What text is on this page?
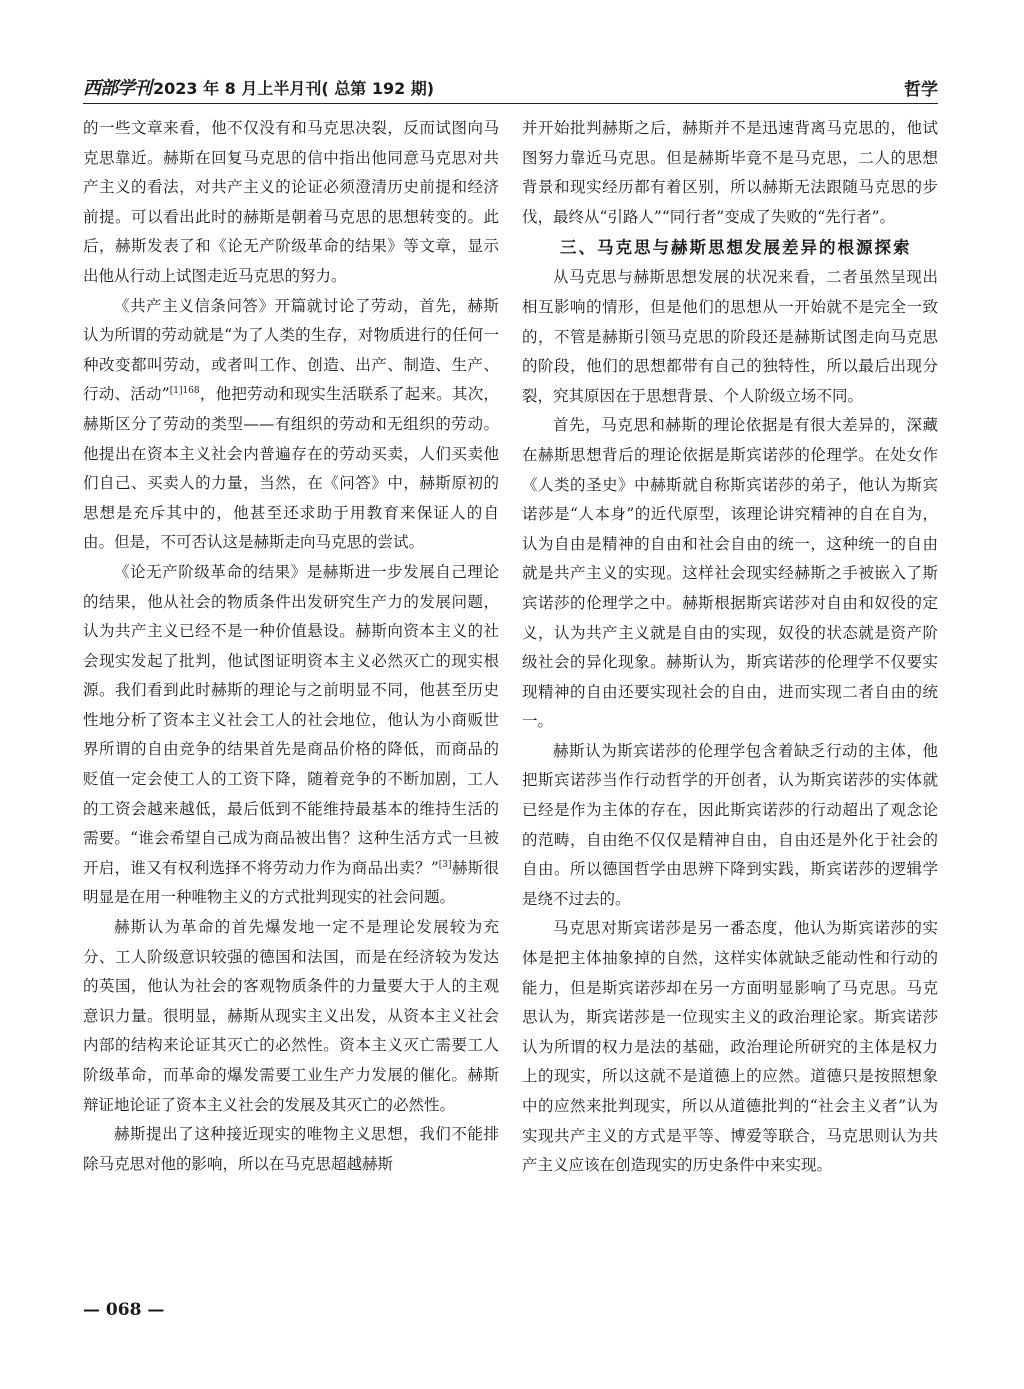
西部学刊 2023 年 8 月上半月刊( 总第 192 期)	哲学

的一些文章来看，他不仅没有和马克思决裂，反而试图向马克思靠近。赫斯在回复马克思的信中指出他同意马克思对共产主义的看法，对共产主义的论证必须澄清历史前提和经济前提。可以看出此时的赫斯是朝着马克思的思想转变的。此后，赫斯发表了和《论无产阶级革命的结果》等文章，显示出他从行动上试图走近马克思的努力。

《共产主义信条问答》开篇就讨论了劳动，首先，赫斯认为所谓的劳动就是“为了人类的生存，对物质进行的任何一种改变都叫劳动，或者叫工作、创造、出产、制造、生产、行动、活动”$^{[1]168}$，他把劳动和现实生活联系了起来。其次，赫斯区分了劳动的类型——有组织的劳动和无组织的劳动。他提出在资本主义社会内普遍存在的劳动买卖，人们买卖他们自己、买卖人的力量，当然，在《问答》中，赫斯原初的思想是充斥其中的，他甚至还求助于用教育来保证人的自由。但是，不可否认这是赫斯走向马克思的尝试。

《论无产阶级革命的结果》是赫斯进一步发展自己理论的结果，他从社会的物质条件出发研究生产力的发展问题，认为共产主义已经不是一种价值悬设。赫斯向资本主义的社会现实发起了批判，他试图证明资本主义必然灭亡的现实根源。我们看到此时赫斯的理论与之前明显不同，他甚至历史性地分析了资本主义社会工人的社会地位，他认为小商贩世界所谓的自由竞争的结果首先是商品价格的降低，而商品的贬值一定会使工人的工资下降，随着竞争的不断加剧，工人的工资会越来越低，最后低到不能维持最基本的维持生活的需要。“谁会希望自己成为商品被出售？这种生活方式一旦被开启，谁又有权利选择不将劳动力作为商品出卖？”[3]赫斯很明显是在用一种唯物主义的方式批判现实的社会问题。

赫斯认为革命的首先爆发地一定不是理论发展较为充分、工人阶级意识较强的德国和法国，而是在经济较为发达的英国，他认为社会的客观物质条件的力量要大于人的主观意识力量。很明显，赫斯从现实主义出发，从资本主义社会内部的结构来论证其灭亡的必然性。资本主义灭亡需要工人阶级革命，而革命的爆发需要工业生产力发展的催化。赫斯辩证地论证了资本主义社会的发展及其灭亡的必然性。

赫斯提出了这种接近现实的唯物主义思想，我们不能排除马克思对他的影响，所以在马克思超越赫斯

并开始批判赫斯之后，赫斯并不是迅速背离马克思的，他试图努力靠近马克思。但是赫斯毕竟不是马克思，二人的思想背景和现实经历都有着区别，所以赫斯无法跟随马克思的步伐，最终从“引路人”“同行者”变成了失败的“先行者”。

三、马克思与赫斯思想发展差异的根源探索

从马克思与赫斯思想发展的状况来看，二者虽然呈现出相互影响的情形，但是他们的思想从一开始就不是完全一致的，不管是赫斯引领马克思的阶段还是赫斯试图走向马克思的阶段，他们的思想都带有自己的独特性，所以最后出现分裂，究其原因在于思想背景、个人阶级立场不同。

首先，马克思和赫斯的理论依据是有很大差异的，深藏在赫斯思想背后的理论依据是斯宾诺莎的伦理学。在处女作《人类的圣史》中赫斯就自称斯宾诺莎的弟子，他认为斯宾诺莎是“人本身”的近代原型，该理论讲究精神的自在自为，认为自由是精神的自由和社会自由的统一，这种统一的自由就是共产主义的实现。这样社会现实经赫斯之手被嵌入了斯宾诺莎的伦理学之中。赫斯根据斯宾诺莎对自由和奴役的定义，认为共产主义就是自由的实现，奴役的状态就是资产阶级社会的异化现象。赫斯认为，斯宾诺莎的伦理学不仅要实现精神的自由还要实现社会的自由，进而实现二者自由的统一。

赫斯认为斯宾诺莎的伦理学包含着缺乏行动的主体，他把斯宾诺莎当作行动哲学的开创者，认为斯宾诺莎的实体就已经是作为主体的存在，因此斯宾诺莎的行动超出了观念论的范畴，自由绝不仅仅是精神自由，自由还是外化于社会的自由。所以德国哲学由思辨下降到实践，斯宾诺莎的逻辑学是绕不过去的。

马克思对斯宾诺莎是另一番态度，他认为斯宾诺莎的实体是把主体抽象掉的自然，这样实体就缺乏能动性和行动的能力，但是斯宾诺莎却在另一方面明显影响了马克思。马克思认为，斯宾诺莎是一位现实主义的政治理论家。斯宾诺莎认为所谓的权力是法的基础，政治理论所研究的主体是权力上的现实，所以这就不是道德上的应然。道德只是按照想象中的应然来批判现实，所以从道德批判的“社会主义者”认为实现共产主义的方式是平等、博爱等联合，马克思则认为共产主义应该在创造现实的历史条件中来实现。

— 068 —
